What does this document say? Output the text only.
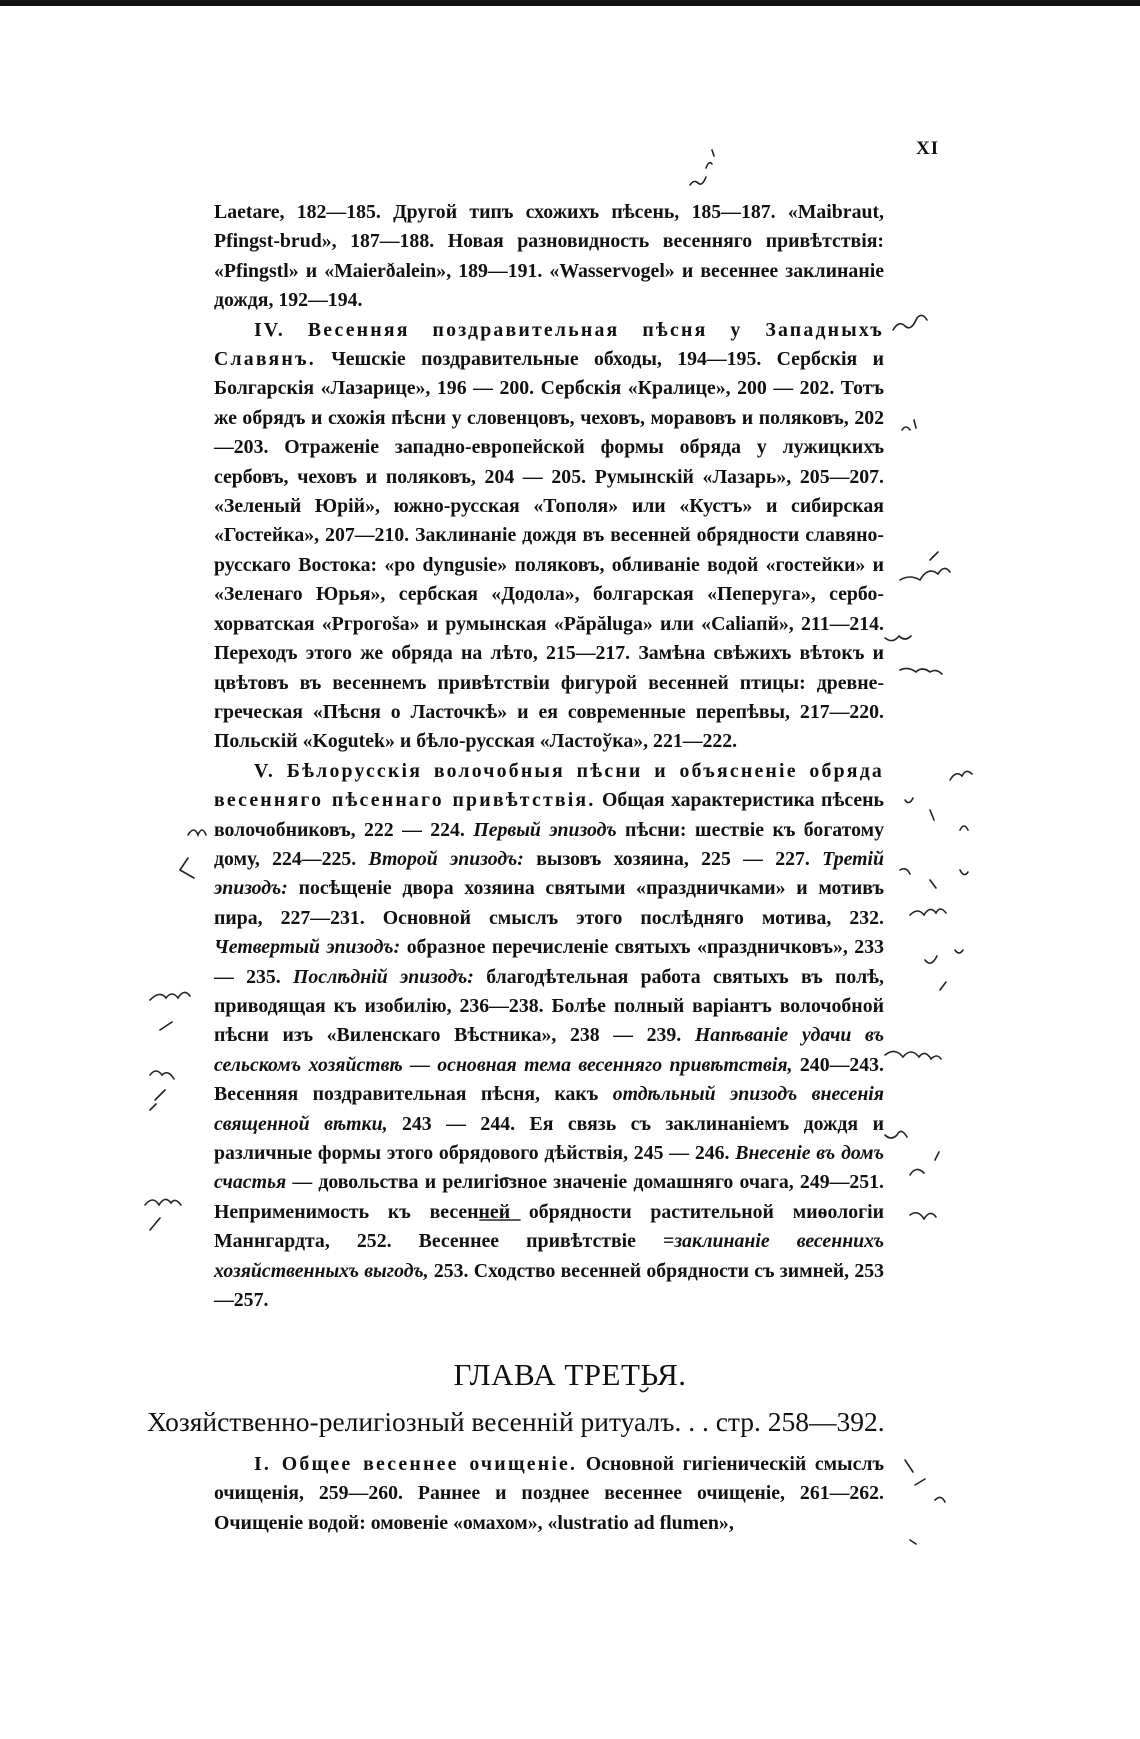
XI

Laetare, 182—185. Другой типъ схожихъ пѣсень, 185—187. «Maibraut, Pfingst-brud», 187—188. Новая разновидность весенняго привѣтствія: «Pfingstl» и «Maierðalein», 189—191. «Wasservogel» и весеннее заклинаніе дождя, 192—194.

IV. Весенняя поздравительная пѣсня у Западныхъ Славянъ. Чешскіе поздравительные обходы, 194—195. Сербскія и Болгарскія «Лазарице», 196 — 200. Сербскія «Кралице», 200 — 202. Тотъ же обрядъ и схожія пѣсни у словенцовъ, чеховъ, моравовъ и поляковъ, 202—203. Отраженіе западно-европейской формы обряда у лужицкихъ сербовъ, чеховъ и поляковъ, 204 — 205. Румынскій «Лазарь», 205—207. «Зеленый Юрій», южно-русская «Тополя» или «Кустъ» и сибирская «Гостейка», 207—210. Заклинаніе дождя въ весенней обрядности славяно-русскаго Востока: «po dyngusie» поляковъ, обливаніе водой «гостейки» и «Зеленаго Юрья», сербская «Додола», болгарская «Пеперуга», сербо-хорватская «Ргрогоša» и румынская «Păpăluga» или «Caliaпй», 211—214. Переходъ этого же обряда на лѣто, 215—217. Замѣна свѣжихъ вѣтокъ и цвѣтовъ въ весеннемъ привѣтствіи фигурой весенней птицы: древне-греческая «Пѣсня о Ласточкѣ» и ея современные перепѣвы, 217—220. Польскій «Kogutek» и бѣло-русская «Ластоўка», 221—222.

V. Бѣлорусскія волочобныя пѣсни и объясненіе обряда весенняго пѣсеннаго привѣтствія. Общая характеристика пѣсень волочобниковъ, 222 — 224. Первый эпизодъ пѣсни: шествіе къ богатому дому, 224—225. Второй эпизодъ: вызовъ хозяина, 225 — 227. Третій эпизодъ: посѣщеніе двора хозяина святыми «праздничками» и мотивъ пира, 227—231. Основной смыслъ этого послѣдняго мотива, 232. Четвертый эпизодъ: образное перечисленіе святыхъ «праздничковъ», 233 — 235. Послѣдній эпизодъ: благодѣтельная работа святыхъ въ полѣ, приводящая къ изобилію, 236—238. Болѣе полный варіантъ волочобной пѣсни изъ «Виленскаго Вѣстника», 238 — 239. Напѣваніе удачи въ сельскомъ хозяйствѣ — основная тема весенняго привѣтствія, 240—243. Весенняя поздравительная пѣсня, какъ отдѣльный эпизодъ внесенія священной вѣтки, 243 — 244. Ея связь съ заклинаніемъ дождя и различные формы этого обрядового дѣйствія, 245 — 246. Внесеніе въ домъ счастья — довольства и религіозное значеніе домашняго очага, 249—251. Неприменимость къ весенней обрядности растительной миѳологіи Маннгардта, 252. Весеннее привѣтствіе =заклинаніе весеннихъ хозяйственныхъ выгодъ, 253. Сходство весенней обрядности съ зимней, 253—257.

ГЛАВА ТРЕТЬЯ.
Хозяйственно-религіозный весенній ритуалъ. . . стр. 258—392.

I. Общее весеннее очищеніе. Основной гигіеническій смыслъ очищенія, 259—260. Раннее и позднее весеннее очищеніе, 261—262. Очищеніе водой: омовеніе «омахом», «lustratio ad flumen»,
